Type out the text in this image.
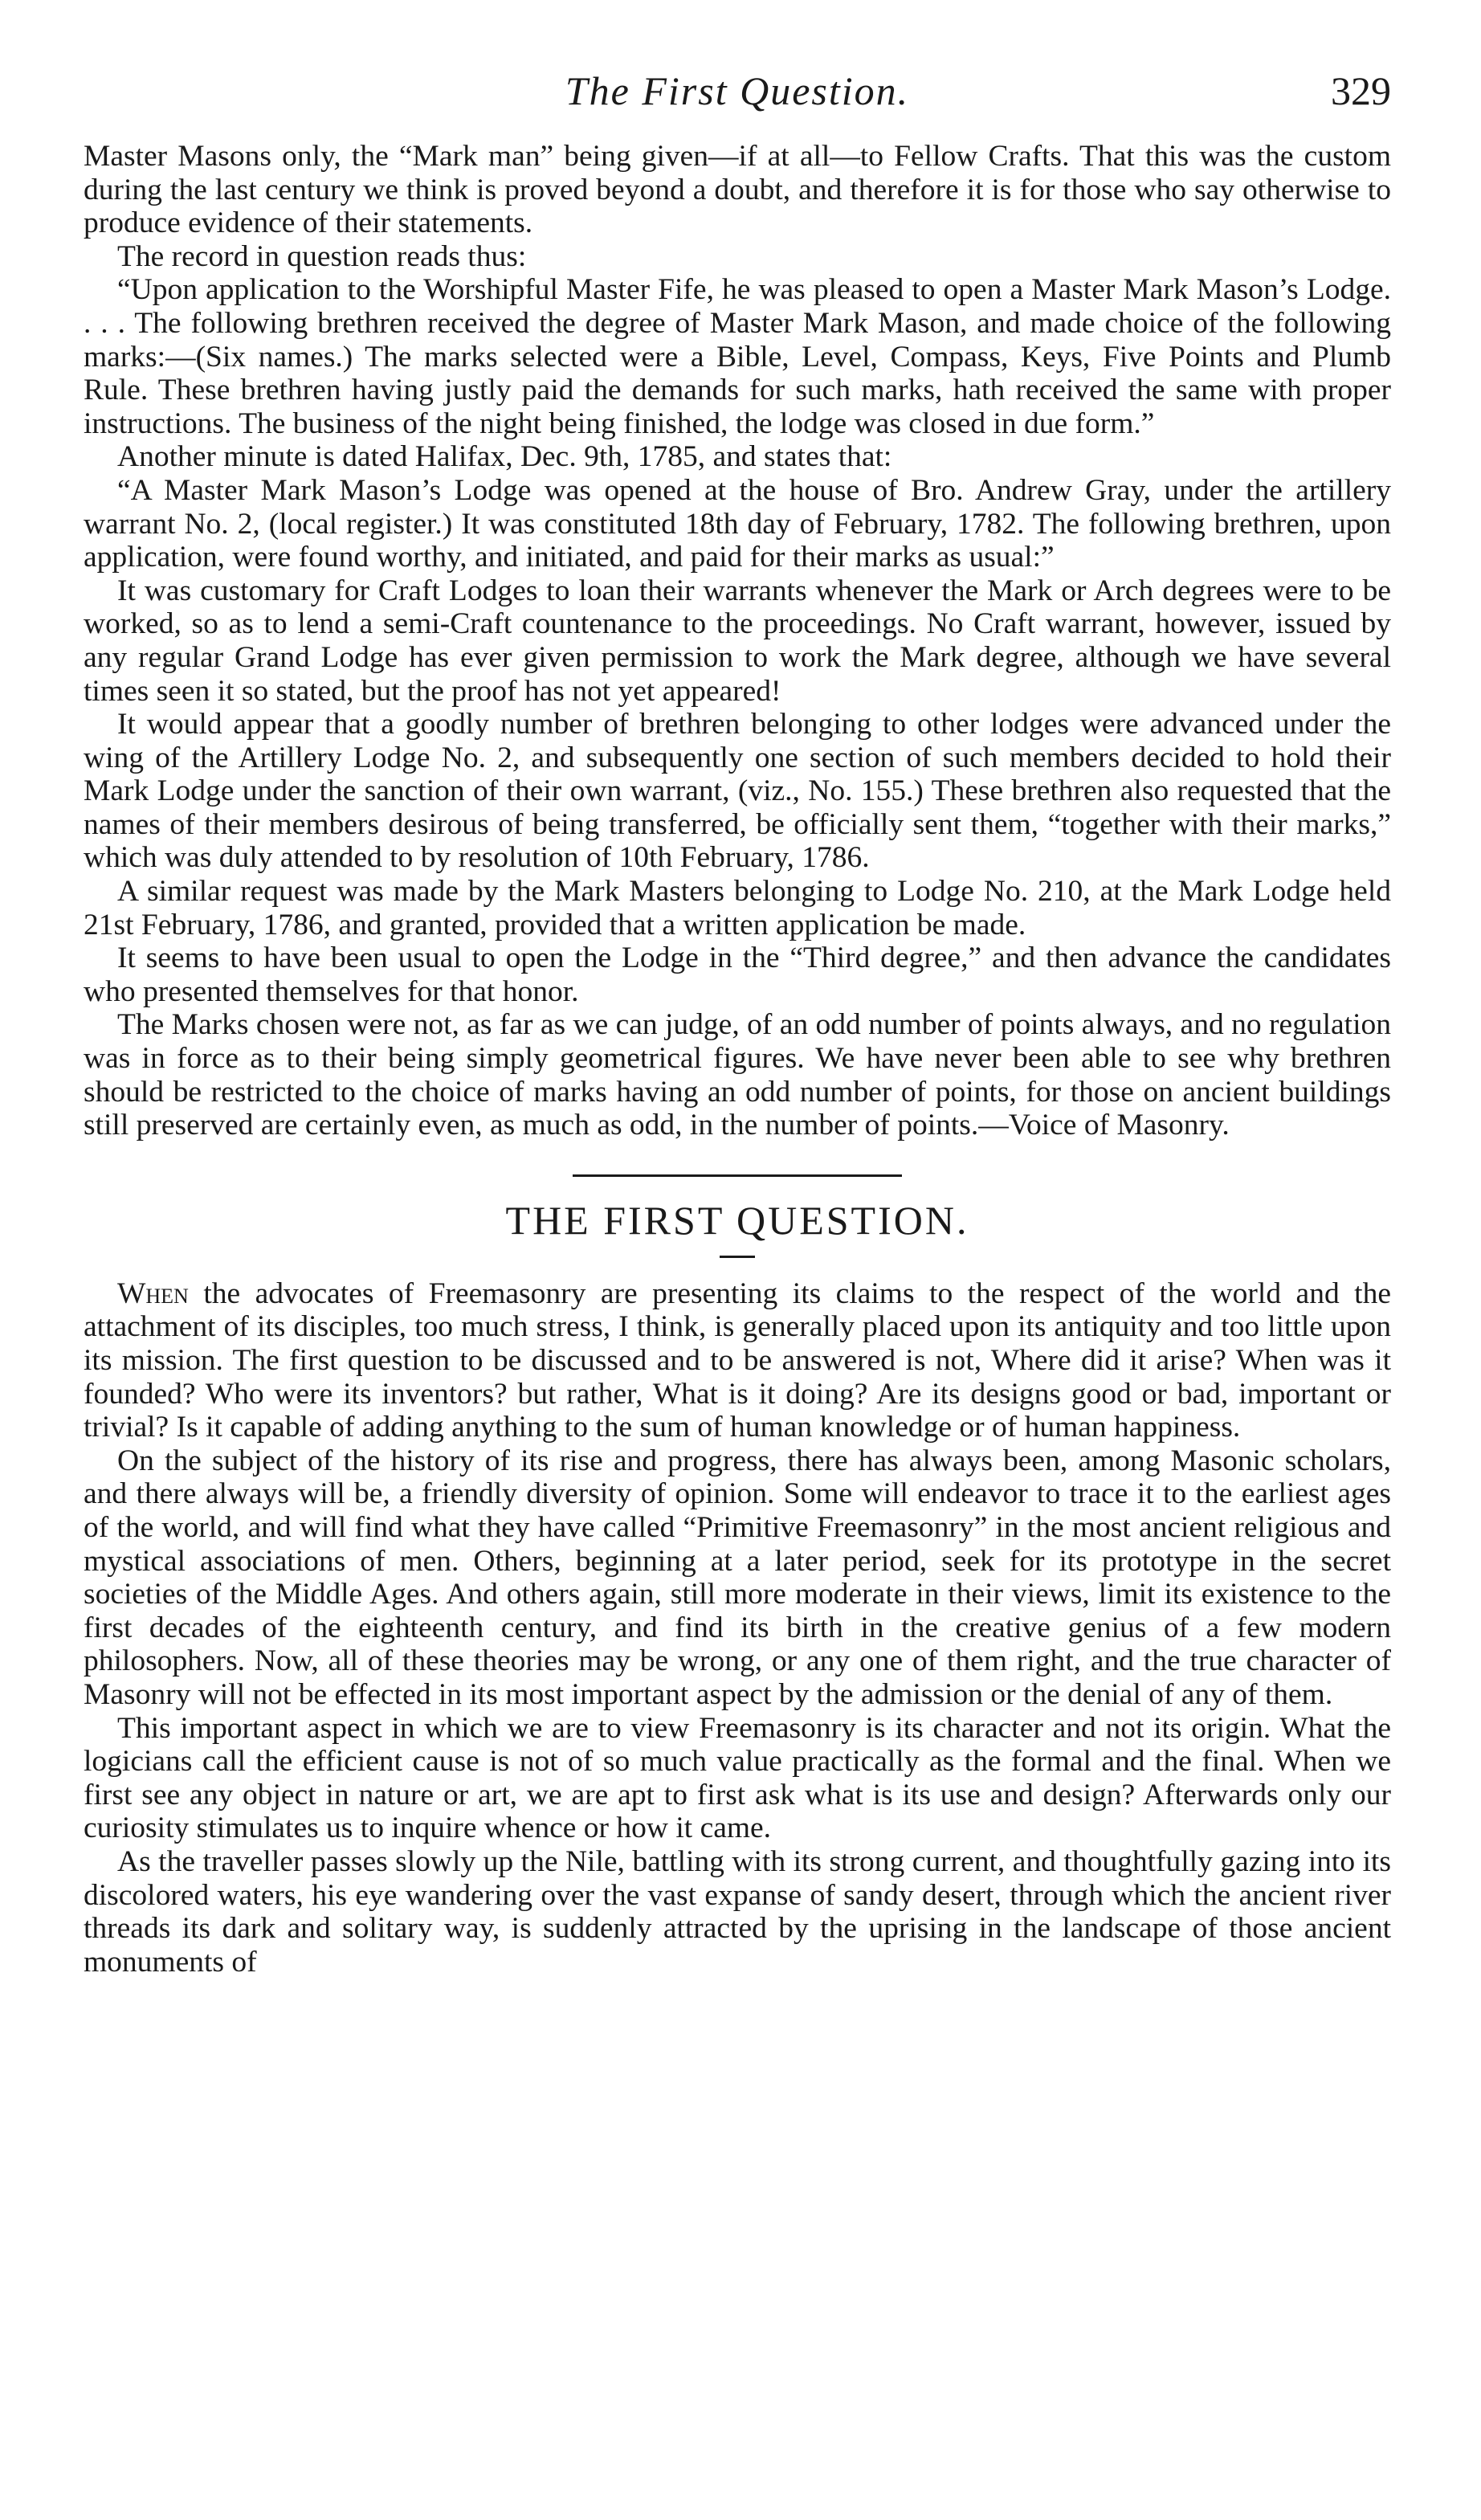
The First Question.	329

Master Masons only, the “Mark man” being given—if at all—to Fellow Crafts. That this was the custom during the last century we think is proved beyond a doubt, and therefore it is for those who say otherwise to produce evidence of their statements.

The record in question reads thus:

“Upon application to the Worshipful Master Fife, he was pleased to open a Master Mark Mason’s Lodge. . . . The following brethren received the degree of Master Mark Mason, and made choice of the following marks:—(Six names.) The marks selected were a Bible, Level, Compass, Keys, Five Points and Plumb Rule. These brethren having justly paid the demands for such marks, hath received the same with proper instructions. The business of the night being finished, the lodge was closed in due form.”

Another minute is dated Halifax, Dec. 9th, 1785, and states that:

“A Master Mark Mason’s Lodge was opened at the house of Bro. Andrew Gray, under the artillery warrant No. 2, (local register.) It was constituted 18th day of February, 1782. The following brethren, upon application, were found worthy, and initiated, and paid for their marks as usual:”

It was customary for Craft Lodges to loan their warrants whenever the Mark or Arch degrees were to be worked, so as to lend a semi-Craft countenance to the proceedings. No Craft warrant, however, issued by any regular Grand Lodge has ever given permission to work the Mark degree, although we have several times seen it so stated, but the proof has not yet appeared!

It would appear that a goodly number of brethren belonging to other lodges were advanced under the wing of the Artillery Lodge No. 2, and subsequently one section of such members decided to hold their Mark Lodge under the sanction of their own warrant, (viz., No. 155.) These brethren also requested that the names of their members desirous of being transferred, be officially sent them, “together with their marks,” which was duly attended to by resolution of 10th February, 1786.

A similar request was made by the Mark Masters belonging to Lodge No. 210, at the Mark Lodge held 21st February, 1786, and granted, provided that a written application be made.

It seems to have been usual to open the Lodge in the “Third degree,” and then advance the candidates who presented themselves for that honor.

The Marks chosen were not, as far as we can judge, of an odd number of points always, and no regulation was in force as to their being simply geometrical figures. We have never been able to see why brethren should be restricted to the choice of marks having an odd number of points, for those on ancient buildings still preserved are certainly even, as much as odd, in the number of points.—Voice of Masonry.

THE FIRST QUESTION.

When the advocates of Freemasonry are presenting its claims to the respect of the world and the attachment of its disciples, too much stress, I think, is generally placed upon its antiquity and too little upon its mission. The first question to be discussed and to be answered is not, Where did it arise? When was it founded? Who were its inventors? but rather, What is it doing? Are its designs good or bad, important or trivial? Is it capable of adding anything to the sum of human knowledge or of human happiness.

On the subject of the history of its rise and progress, there has always been, among Masonic scholars, and there always will be, a friendly diversity of opinion. Some will endeavor to trace it to the earliest ages of the world, and will find what they have called “Primitive Freemasonry” in the most ancient religious and mystical associations of men. Others, beginning at a later period, seek for its prototype in the secret societies of the Middle Ages. And others again, still more moderate in their views, limit its existence to the first decades of the eighteenth century, and find its birth in the creative genius of a few modern philosophers. Now, all of these theories may be wrong, or any one of them right, and the true character of Masonry will not be effected in its most important aspect by the admission or the denial of any of them.

This important aspect in which we are to view Freemasonry is its character and not its origin. What the logicians call the efficient cause is not of so much value practically as the formal and the final. When we first see any object in nature or art, we are apt to first ask what is its use and design? Afterwards only our curiosity stimulates us to inquire whence or how it came.

As the traveller passes slowly up the Nile, battling with its strong current, and thoughtfully gazing into its discolored waters, his eye wandering over the vast expanse of sandy desert, through which the ancient river threads its dark and solitary way, is suddenly attracted by the uprising in the landscape of those ancient monuments of
